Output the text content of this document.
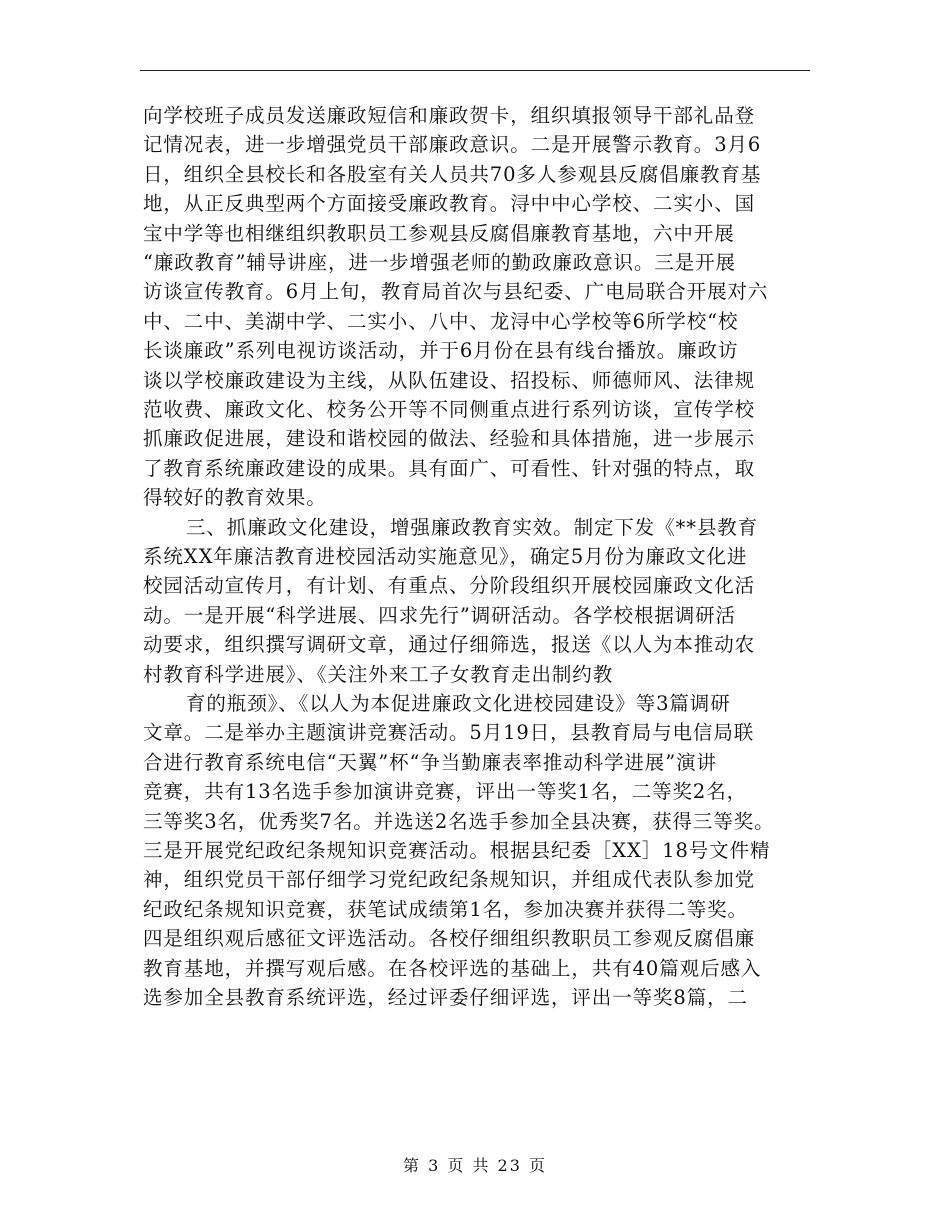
向学校班子成员发送廉政短信和廉政贺卡，组织填报领导干部礼品登
记情况表，进一步增强党员干部廉政意识。二是开展警示教育。3月6
日，组织全县校长和各股室有关人员共70多人参观县反腐倡廉教育基
地，从正反典型两个方面接受廉政教育。浔中中心学校、二实小、国
宝中学等也相继组织教职员工参观县反腐倡廉教育基地，六中开展
“廉政教育”辅导讲座，进一步增强老师的勤政廉政意识。三是开展
访谈宣传教育。6月上旬，教育局首次与县纪委、广电局联合开展对六
中、二中、美湖中学、二实小、八中、龙浔中心学校等6所学校“校
长谈廉政”系列电视访谈活动，并于6月份在县有线台播放。廉政访
谈以学校廉政建设为主线，从队伍建设、招投标、师德师风、法律规
范收费、廉政文化、校务公开等不同侧重点进行系列访谈，宣传学校
抓廉政促进展，建设和谐校园的做法、经验和具体措施，进一步展示
了教育系统廉政建设的成果。具有面广、可看性、针对强的特点，取
得较好的教育效果。
三、抓廉政文化建设，增强廉政教育实效。制定下发《**县教育
系统XX年廉洁教育进校园活动实施意见》，确定5月份为廉政文化进
校园活动宣传月，有计划、有重点、分阶段组织开展校园廉政文化活
动。一是开展“科学进展、四求先行”调研活动。各学校根据调研活
动要求，组织撰写调研文章，通过仔细筛选，报送《以人为本推动农
村教育科学进展》、《关注外来工子女教育走出制约教
育的瓶颈》、《以人为本促进廉政文化进校园建设》等3篇调研
文章。二是举办主题演讲竞赛活动。5月19日，县教育局与电信局联
合进行教育系统电信“天翼”杯“争当勤廉表率推动科学进展”演讲
竞赛，共有13名选手参加演讲竞赛，评出一等奖1名，二等奖2名，
三等奖3名，优秀奖7名。并选送2名选手参加全县决赛，获得三等奖。
三是开展党纪政纪条规知识竞赛活动。根据县纪委［XX］18号文件精
神，组织党员干部仔细学习党纪政纪条规知识，并组成代表队参加党
纪政纪条规知识竞赛，获笔试成绩第1名，参加决赛并获得二等奖。
四是组织观后感征文评选活动。各校仔细组织教职员工参观反腐倡廉
教育基地，并撰写观后感。在各校评选的基础上，共有40篇观后感入
选参加全县教育系统评选，经过评委仔细评选，评出一等奖8篇，二
第 3 页 共 23 页
